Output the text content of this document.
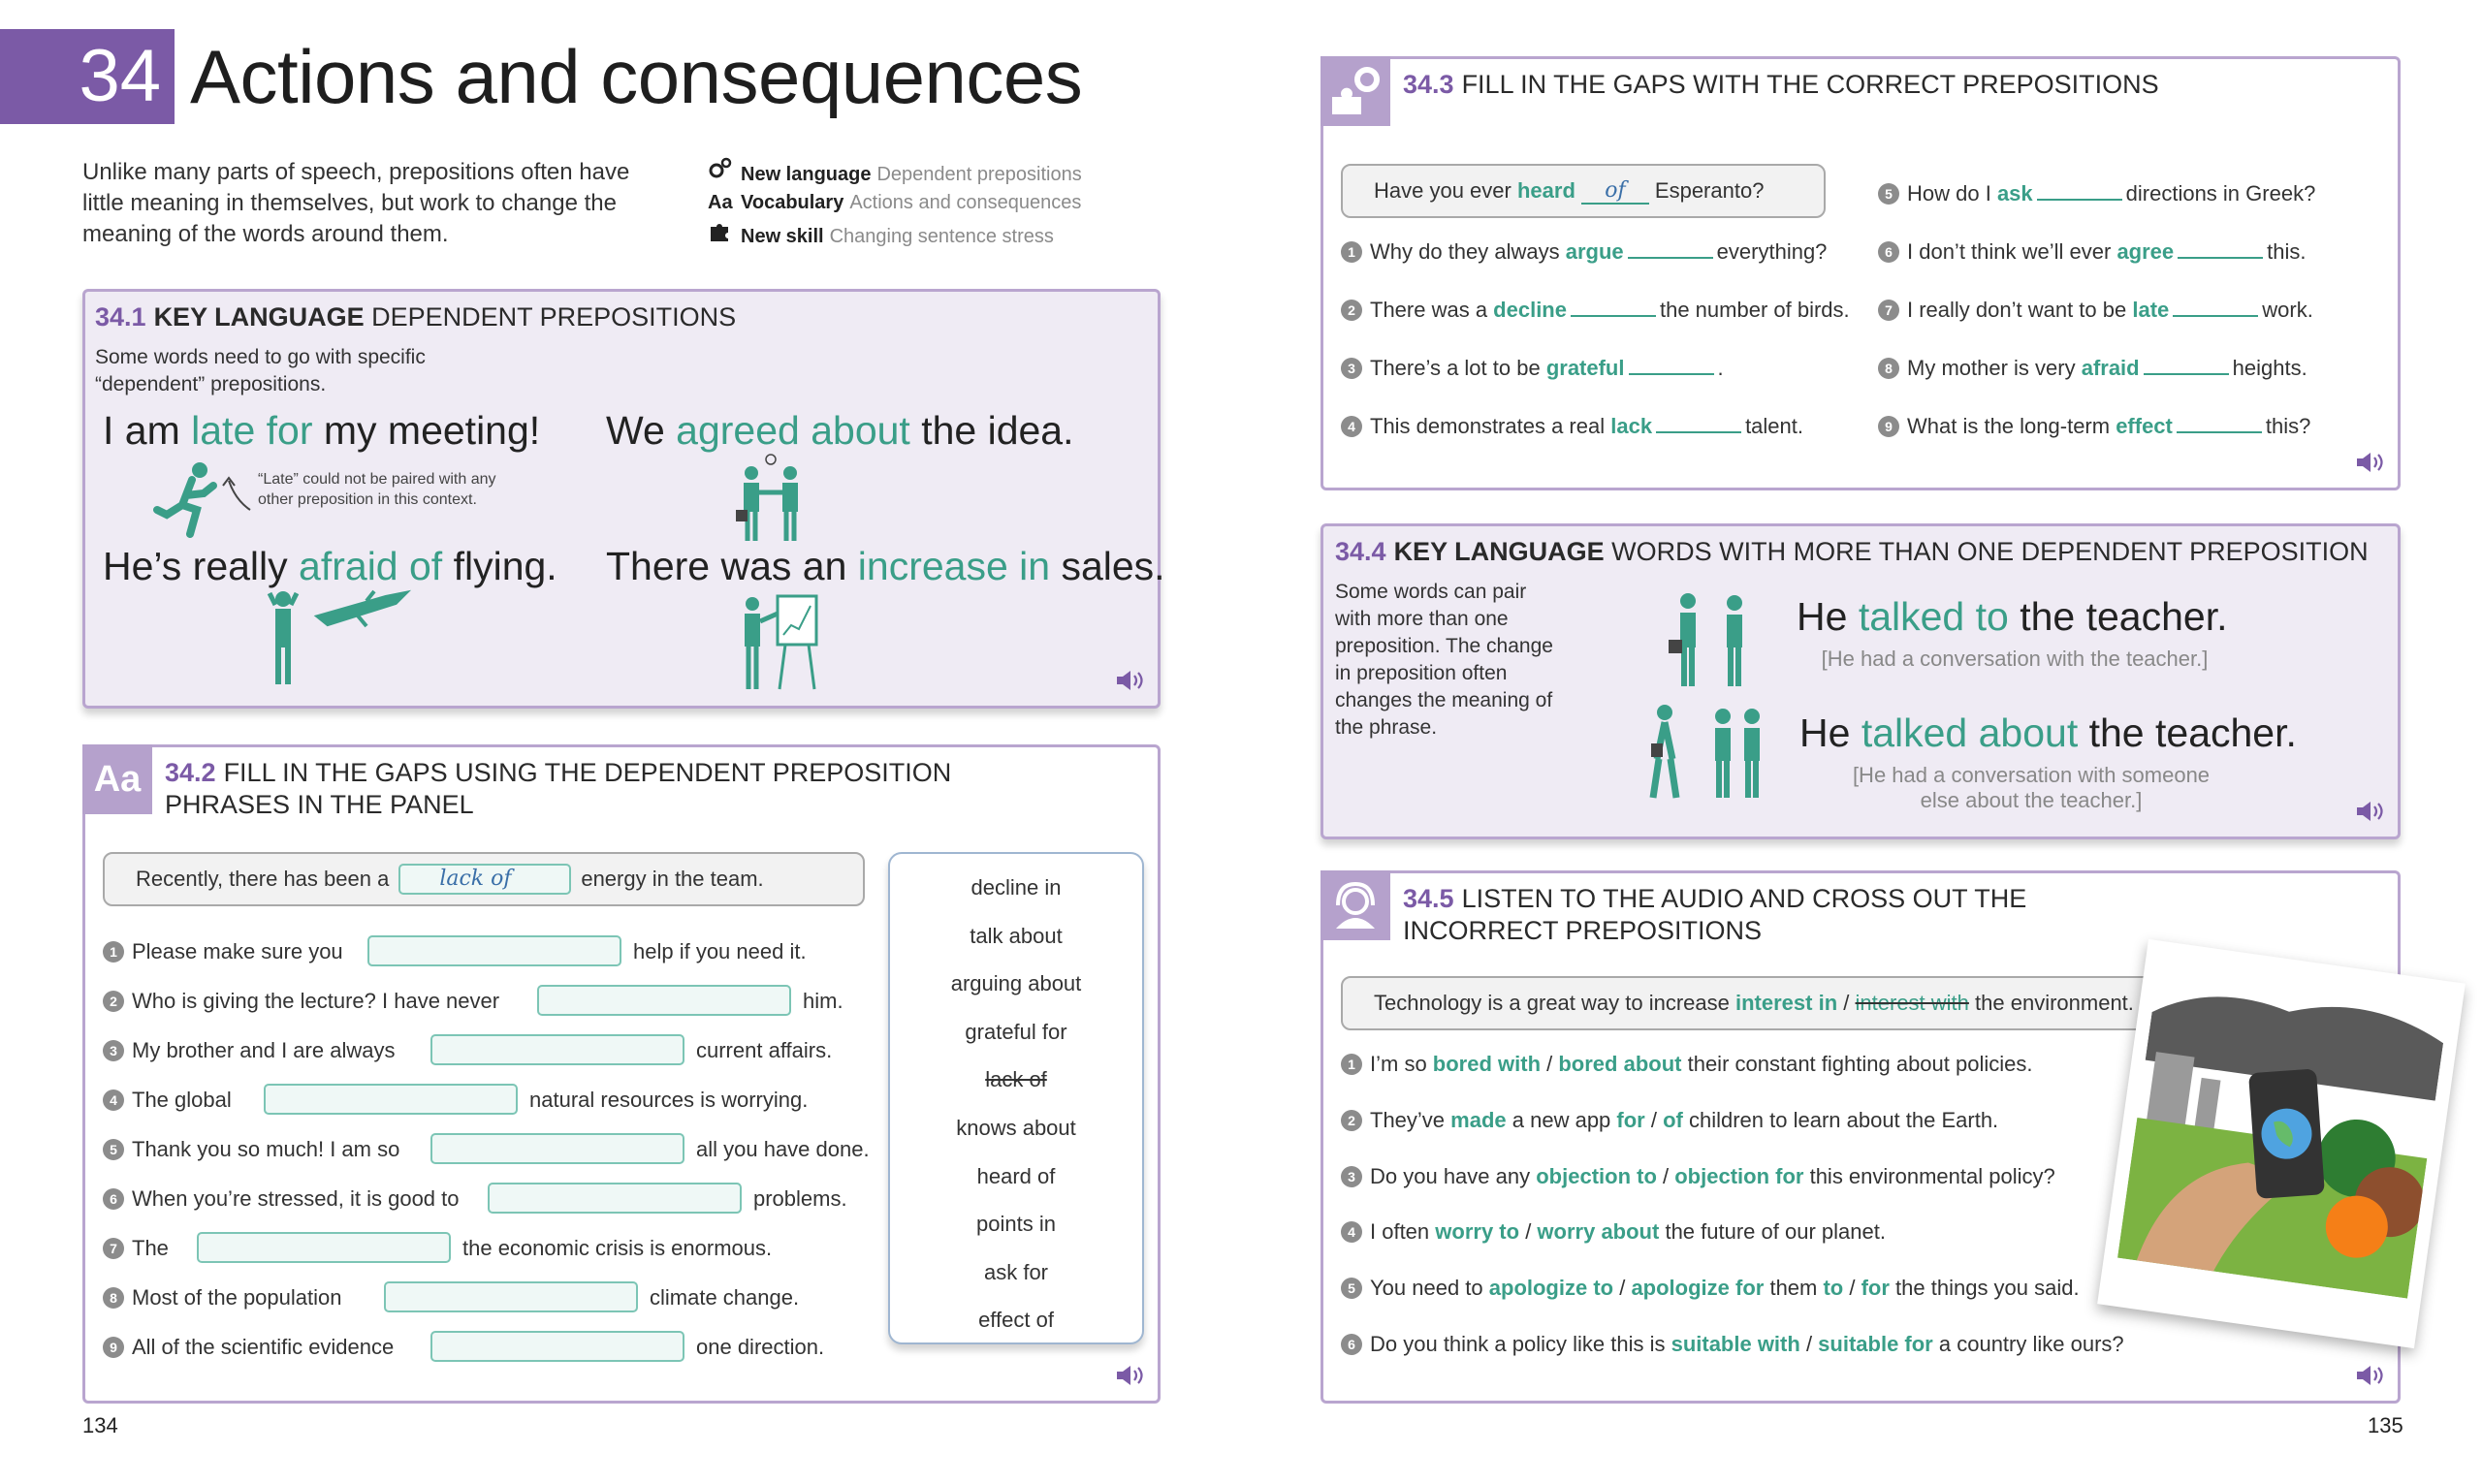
34 Actions and consequences
Unlike many parts of speech, prepositions often have little meaning in themselves, but work to change the meaning of the words around them.
New language Dependent prepositions
Aa Vocabulary Actions and consequences
New skill Changing sentence stress
34.1 KEY LANGUAGE DEPENDENT PREPOSITIONS
Some words need to go with specific “dependent” prepositions.
I am late for my meeting! We agreed about the idea.
He’s really afraid of flying. There was an increase in sales.
“Late” could not be paired with any other preposition in this context.
Aa 34.2 FILL IN THE GAPS USING THE DEPENDENT PREPOSITION PHRASES IN THE PANEL
Recently, there has been a	lack of	energy in the team.
1 Please make sure you	help if you need it.
2 Who is giving the lecture? I have never	him.
3 My brother and I are always	current affairs.
4 The global	natural resources is worrying.
5 Thank you so much! I am so	all you have done.
6 When you’re stressed, it is good to	problems.
7 The	the economic crisis is enormous.
8 Most of the population	climate change.
9 All of the scientific evidence	one direction.
decline in
talk about
arguing about
grateful for
lack of
knows about
heard of
points in
ask for
effect of
34.3 FILL IN THE GAPS WITH THE CORRECT PREPOSITIONS
Have you ever
heard	of	Esperanto?
1 Why do they always argue	everything?
2 There was a decline	the number of birds.
3 There’s a lot to be grateful	.
4 This demonstrates a real lack	talent.
5 How do I ask	directions in Greek?
6 I don’t think we’ll ever agree	this.
7 I really don’t want to be late	work.
8 My mother is very afraid	heights.
9 What is the long-term effect	this?
34.4 KEY LANGUAGE WORDS WITH MORE THAN ONE DEPENDENT PREPOSITION
Some words can pair with more than one preposition. The change in preposition often changes the meaning of the phrase.
He talked to the teacher.
[He had a conversation with the teacher.]
He talked about the teacher.
[He had a conversation with someone else about the teacher.]
34.5 LISTEN TO THE AUDIO AND CROSS OUT THE INCORRECT PREPOSITIONS
Technology is a great way to increase
interest in
/
interest with
the environment.
1 I’m so bored with / bored about their constant fighting about policies.
2 They’ve made a new app for / of children to learn about the Earth.
3 Do you have any objection to / objection for this environmental policy?
4 I often worry to / worry about the future of our planet.
5 You need to apologize to / apologize for them to / for the things you said.
6 Do you think a policy like this is suitable with / suitable for a country like ours?
134	135
